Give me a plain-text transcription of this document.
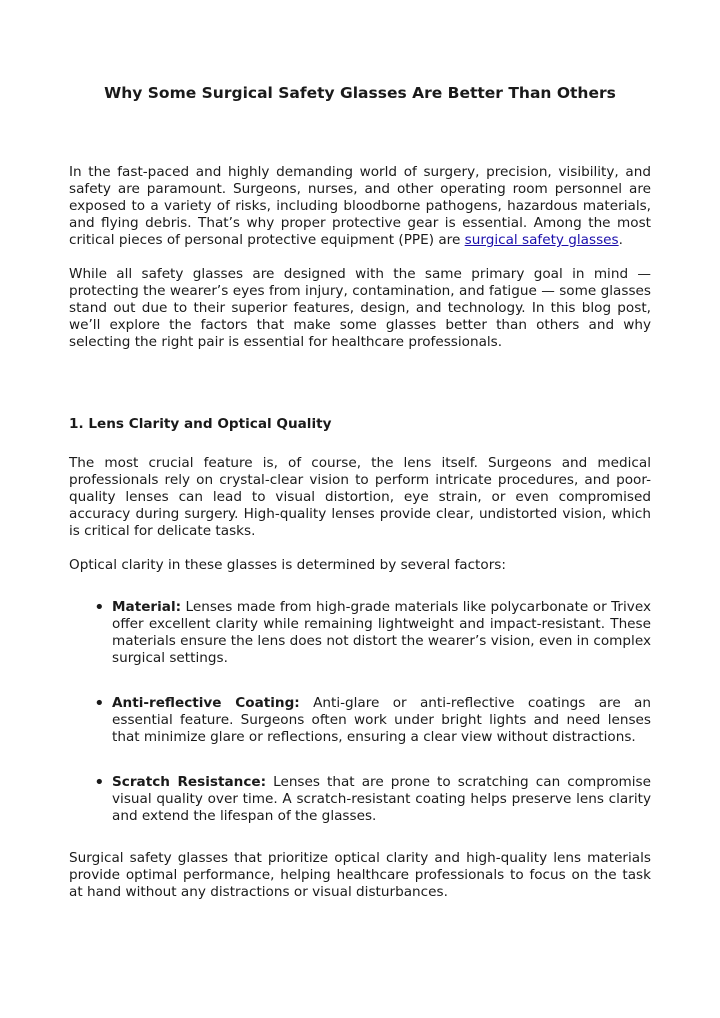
Why Some Surgical Safety Glasses Are Better Than Others

In the fast-paced and highly demanding world of surgery, precision, visibility, and safety are paramount. Surgeons, nurses, and other operating room personnel are exposed to a variety of risks, including bloodborne pathogens, hazardous materials, and flying debris. That’s why proper protective gear is essential. Among the most critical pieces of personal protective equipment (PPE) are surgical safety glasses.

While all safety glasses are designed with the same primary goal in mind — protecting the wearer’s eyes from injury, contamination, and fatigue — some glasses stand out due to their superior features, design, and technology. In this blog post, we’ll explore the factors that make some glasses better than others and why selecting the right pair is essential for healthcare professionals.

1. Lens Clarity and Optical Quality

The most crucial feature is, of course, the lens itself. Surgeons and medical professionals rely on crystal-clear vision to perform intricate procedures, and poor-quality lenses can lead to visual distortion, eye strain, or even compromised accuracy during surgery. High-quality lenses provide clear, undistorted vision, which is critical for delicate tasks.

Optical clarity in these glasses is determined by several factors:

• Material: Lenses made from high-grade materials like polycarbonate or Trivex offer excellent clarity while remaining lightweight and impact-resistant. These materials ensure the lens does not distort the wearer’s vision, even in complex surgical settings.
• Anti-reflective Coating: Anti-glare or anti-reflective coatings are an essential feature. Surgeons often work under bright lights and need lenses that minimize glare or reflections, ensuring a clear view without distractions.
• Scratch Resistance: Lenses that are prone to scratching can compromise visual quality over time. A scratch-resistant coating helps preserve lens clarity and extend the lifespan of the glasses.

Surgical safety glasses that prioritize optical clarity and high-quality lens materials provide optimal performance, helping healthcare professionals to focus on the task at hand without any distractions or visual disturbances.
